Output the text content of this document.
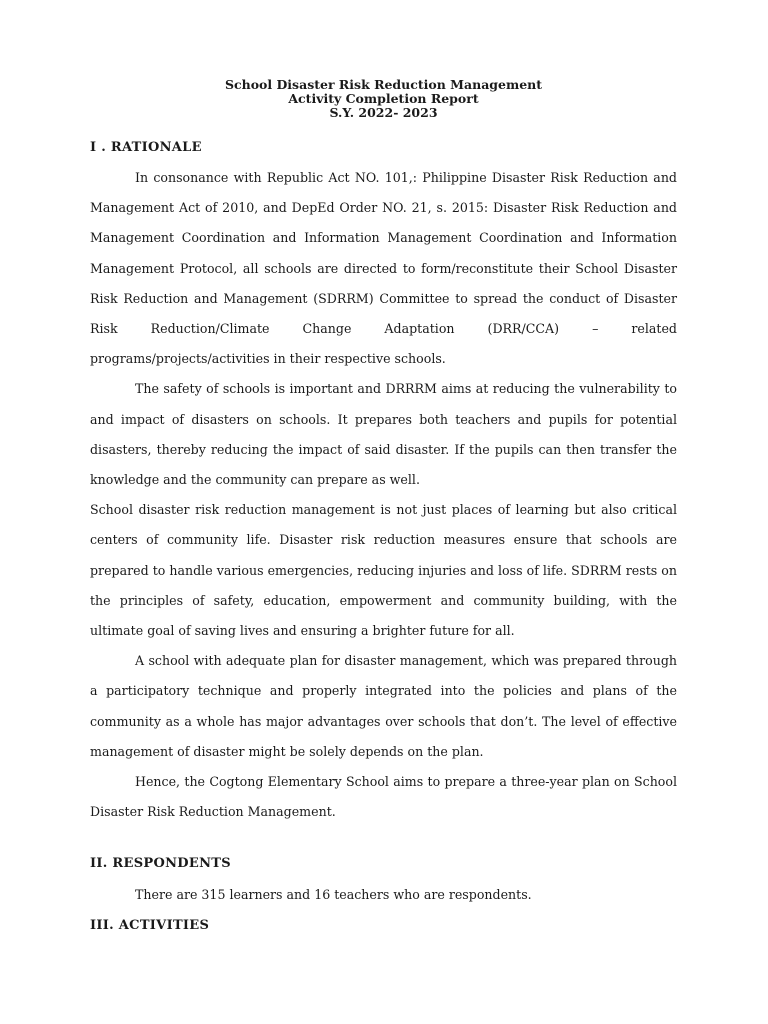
School Disaster Risk Reduction Management
Activity Completion Report
S.Y. 2022- 2023
I . RATIONALE

In consonance with Republic Act NO. 101,: Philippine Disaster Risk Reduction and Management Act of 2010, and DepEd Order NO. 21, s. 2015: Disaster Risk Reduction and Management Coordination and Information Management Coordination and Information Management Protocol, all schools are directed to form/reconstitute their School Disaster Risk Reduction and Management (SDRRM) Committee to spread the conduct of Disaster Risk Reduction/Climate Change Adaptation (DRR/CCA) – related programs/projects/activities in their respective schools.

The safety of schools is important and DRRRM aims at reducing the vulnerability to and impact of disasters on schools. It prepares both teachers and pupils for potential disasters, thereby reducing the impact of said disaster. If the pupils can then transfer the knowledge and the community can prepare as well.

School disaster risk reduction management is not just places of learning but also critical centers of community life. Disaster risk reduction measures ensure that schools are prepared to handle various emergencies, reducing injuries and loss of life. SDRRM rests on the principles of safety, education, empowerment and community building, with the ultimate goal of saving lives and ensuring a brighter future for all.

A school with adequate plan for disaster management, which was prepared through a participatory technique and properly integrated into the policies and plans of the community as a whole has major advantages over schools that don’t. The level of effective management of disaster might be solely depends on the plan.

Hence, the Cogtong Elementary School aims to prepare a three-year plan on School Disaster Risk Reduction Management.

II. RESPONDENTS
There are 315 learners and 16 teachers who are respondents.
III. ACTIVITIES
